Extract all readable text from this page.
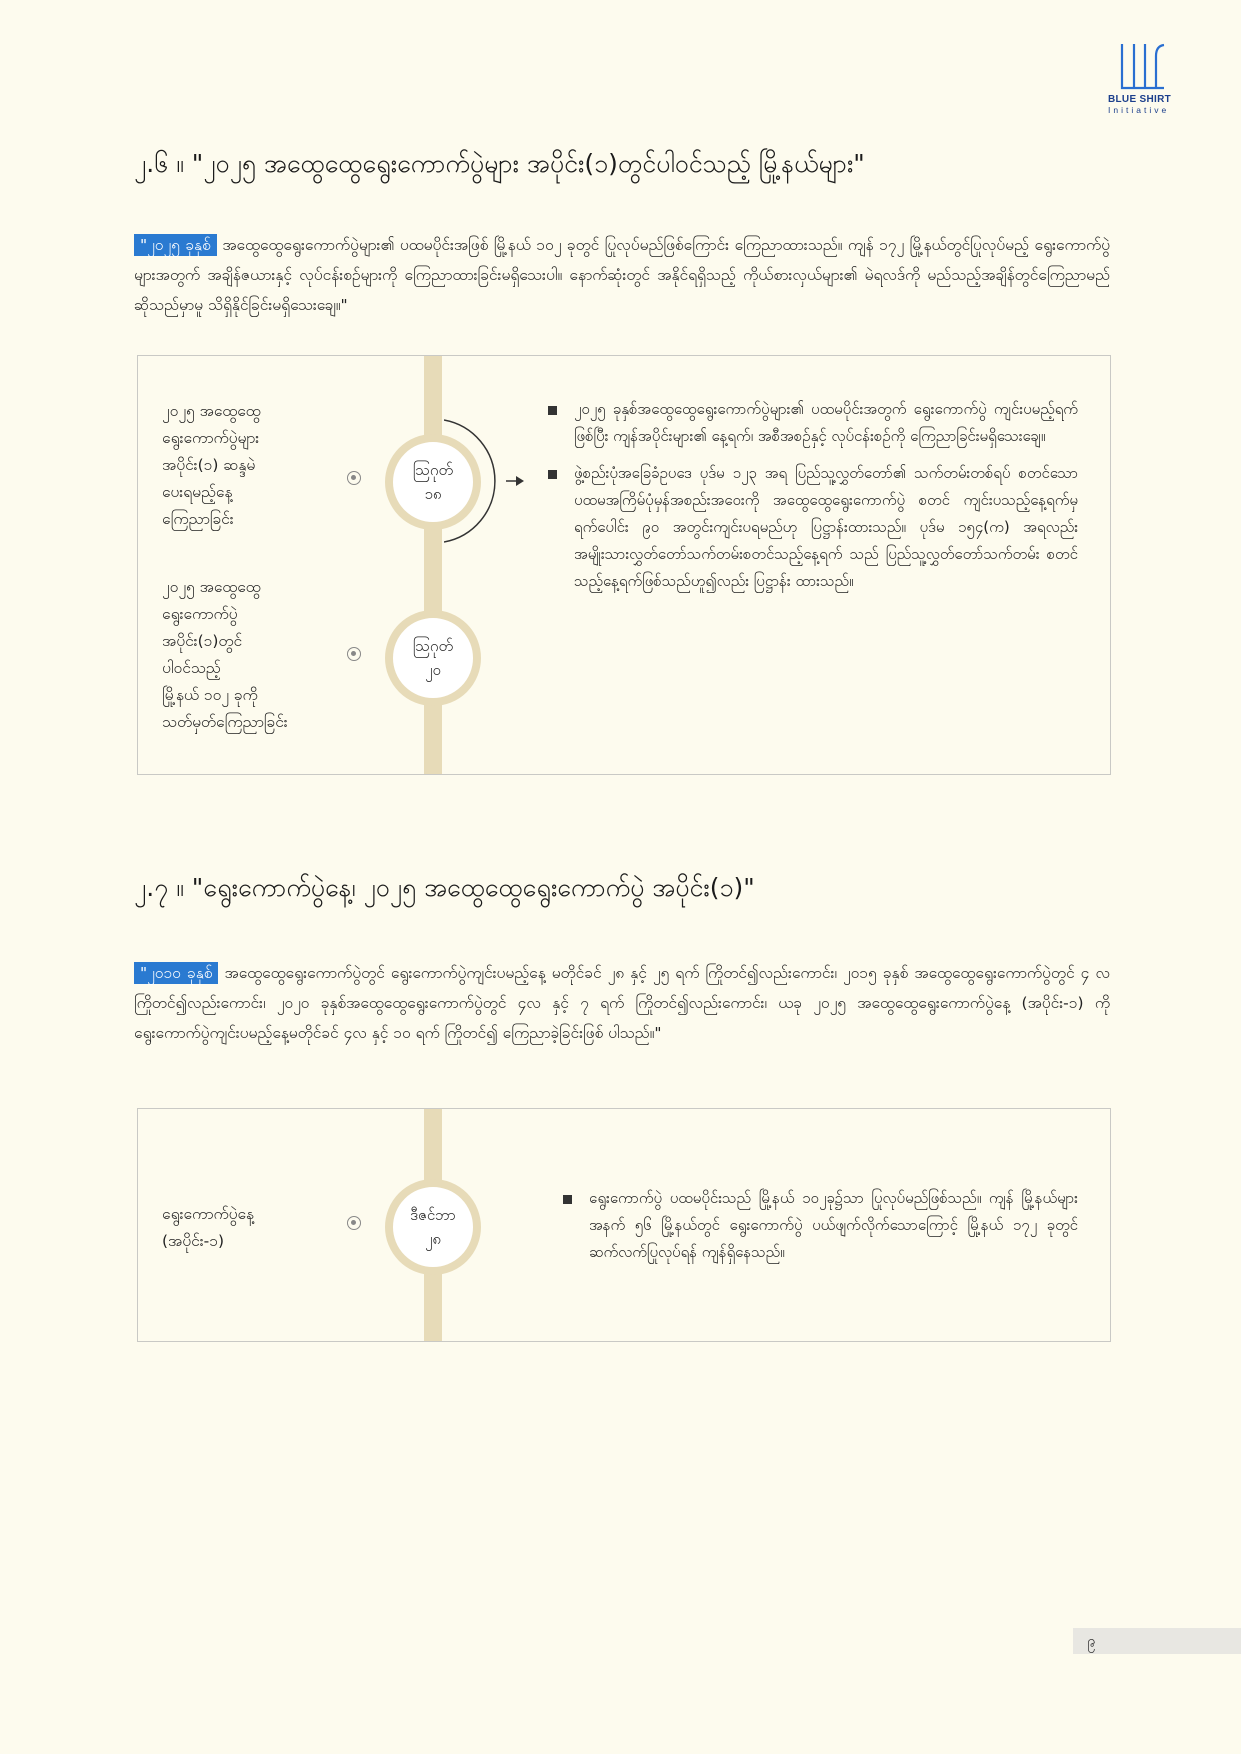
BLUE SHIRT
Initiative
၂.၆ ။ "၂၀၂၅ အထွေထွေရွေးကောက်ပွဲများ အပိုင်း(၁)တွင်ပါဝင်သည့် မြို့နယ်များ"

"၂၀၂၅ ခုနှစ် အထွေထွေရွေးကောက်ပွဲများ၏ ပထမပိုင်းအဖြစ် မြို့နယ် ၁၀၂ ခုတွင် ပြုလုပ်မည်ဖြစ်ကြောင်း ကြေညာထားသည်။ ကျန် ၁၇၂ မြို့နယ်တွင်ပြုလုပ်မည့် ရွေးကောက်ပွဲများအတွက် အချိန်ဇယားနှင့် လုပ်ငန်းစဉ်များကို ကြေညာထားခြင်းမရှိသေးပါ။ နောက်ဆုံးတွင် အနိုင်ရရှိသည့် ကိုယ်စားလှယ်များ၏ မဲရလဒ်ကို မည်သည့်အချိန်တွင်ကြေညာမည်ဆိုသည်မှာမူ သိရှိနိုင်ခြင်းမရှိသေးချေ။"

၂၀၂၅ အထွေထွေ
ရွေးကောက်ပွဲများ
အပိုင်း(၁) ဆန္ဒမဲ
ပေးရမည့်နေ့
ကြေညာခြင်း
ဩဂုတ်
၁၈
၂၀၂၅ အထွေထွေ
ရွေးကောက်ပွဲ
အပိုင်း(၁)တွင်
ပါဝင်သည့်
မြို့နယ် ၁၀၂ ခုကို
သတ်မှတ်ကြေညာခြင်း
ဩဂုတ်
၂၀
၂၀၂၅ ခုနှစ်အထွေထွေရွေးကောက်ပွဲများ၏ ပထမပိုင်းအတွက် ရွေးကောက်ပွဲ ကျင်းပမည့်ရက်ဖြစ်ပြီး ကျန်အပိုင်းများ၏ နေ့ရက်၊ အစီအစဉ်နှင့် လုပ်ငန်းစဉ်ကို ကြေညာခြင်းမရှိသေးချေ။
ဖွဲ့စည်းပုံအခြေခံဥပဒေ ပုဒ်မ ၁၂၃ အရ ပြည်သူ့လွှတ်တော်၏ သက်တမ်းတစ်ရပ် စတင်သော ပထမအကြိမ်ပုံမှန်အစည်းအဝေးကို အထွေထွေရွေးကောက်ပွဲ စတင် ကျင်းပသည့်နေ့ရက်မှ ရက်ပေါင်း ၉၀ အတွင်းကျင်းပရမည်ဟု ပြဋ္ဌာန်းထားသည်။ ပုဒ်မ ၁၅၄(က) အရလည်း အမျိုးသားလွှတ်တော်သက်တမ်းစတင်သည့်နေ့ရက် သည် ပြည်သူ့လွှတ်တော်သက်တမ်း စတင်သည့်နေ့ရက်ဖြစ်သည်ဟူ၍လည်း ပြဋ္ဌာန်း ထားသည်။
၂.၇ ။ "ရွေးကောက်ပွဲနေ့၊ ၂၀၂၅ အထွေထွေရွေးကောက်ပွဲ အပိုင်း(၁)"

"၂၀၁၀ ခုနှစ် အထွေထွေရွေးကောက်ပွဲတွင် ရွေးကောက်ပွဲကျင်းပမည့်နေ့ မတိုင်ခင် ၂၈ နှင့် ၂၅ ရက် ကြိုတင်၍လည်းကောင်း၊ ၂၀၁၅ ခုနှစ် အထွေထွေရွေးကောက်ပွဲတွင် ၄ လ ကြိုတင်၍လည်းကောင်း၊ ၂၀၂၀ ခုနှစ်အထွေထွေရွေးကောက်ပွဲတွင် ၄လ နှင့် ၇ ရက် ကြိုတင်၍လည်းကောင်း၊ ယခု ၂၀၂၅ အထွေထွေရွေးကောက်ပွဲနေ့ (အပိုင်း-၁) ကို ရွေးကောက်ပွဲကျင်းပမည့်နေ့မတိုင်ခင် ၄လ နှင့် ၁၀ ရက် ကြိုတင်၍ ကြေညာခဲ့ခြင်းဖြစ် ပါသည်။"

ရွေးကောက်ပွဲနေ့
(အပိုင်း-၁)
ဒီဇင်ဘာ
၂၈
ရွေးကောက်ပွဲ ပထမပိုင်းသည် မြို့နယ် ၁၀၂ခု၌သာ ပြုလုပ်မည်ဖြစ်သည်။ ကျန် မြို့နယ်များအနက် ၅၆ မြို့နယ်တွင် ရွေးကောက်ပွဲ ပယ်ဖျက်လိုက်သောကြောင့် မြို့နယ် ၁၇၂ ခုတွင် ဆက်လက်ပြုလုပ်ရန် ကျန်ရှိနေသည်။
၉
